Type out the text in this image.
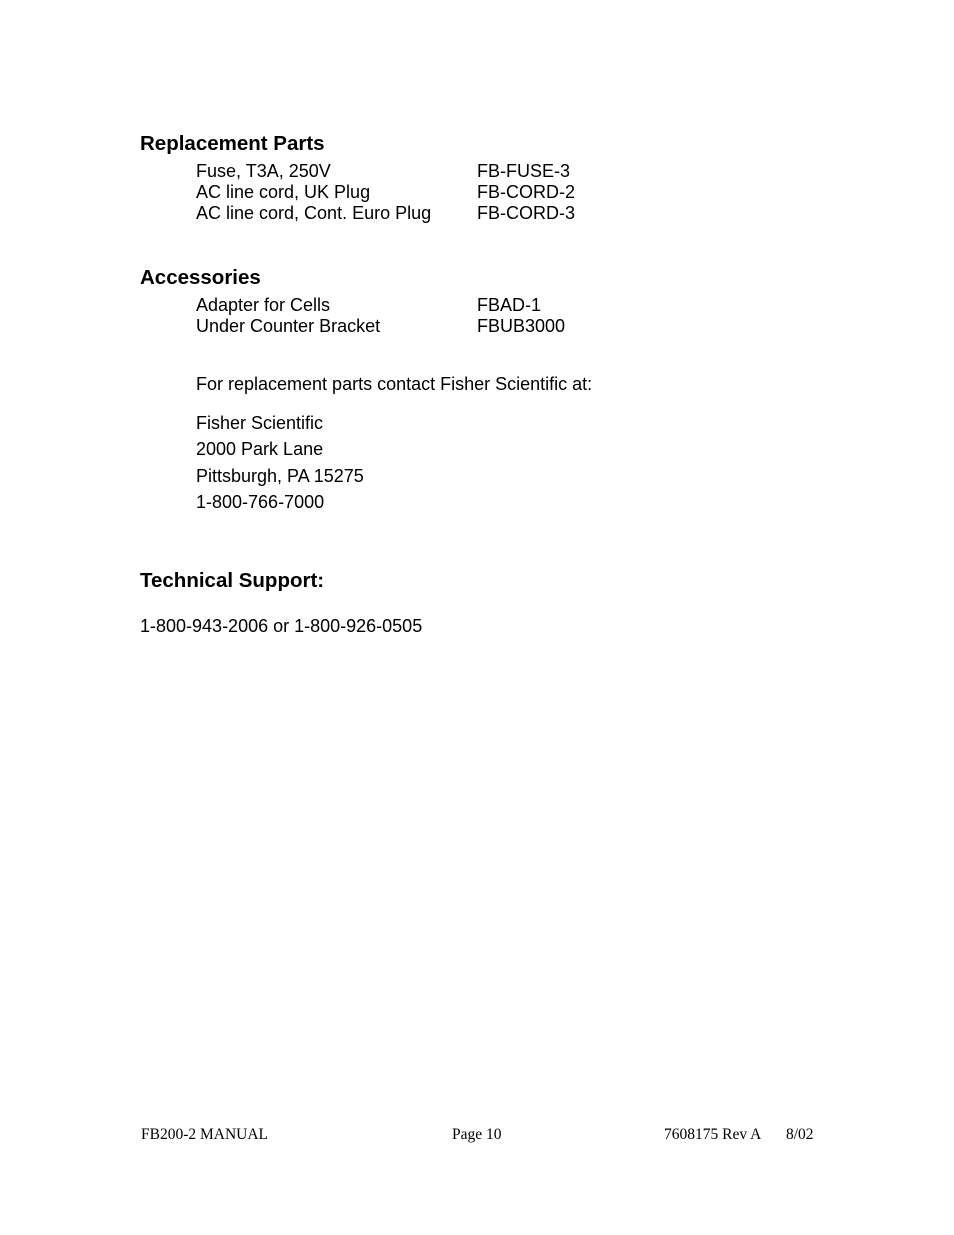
Replacement Parts
Fuse, T3A, 250V	FB-FUSE-3
AC line cord, UK Plug	FB-CORD-2
AC line cord, Cont. Euro Plug	FB-CORD-3
Accessories
Adapter for Cells	FBAD-1
Under Counter Bracket	FBUB3000
For replacement parts contact Fisher Scientific at:
Fisher Scientific
2000 Park Lane
Pittsburgh, PA 15275
1-800-766-7000
Technical Support:
1-800-943-2006 or 1-800-926-0505
FB200-2 MANUAL	Page 10	7608175 Rev A 8/02
